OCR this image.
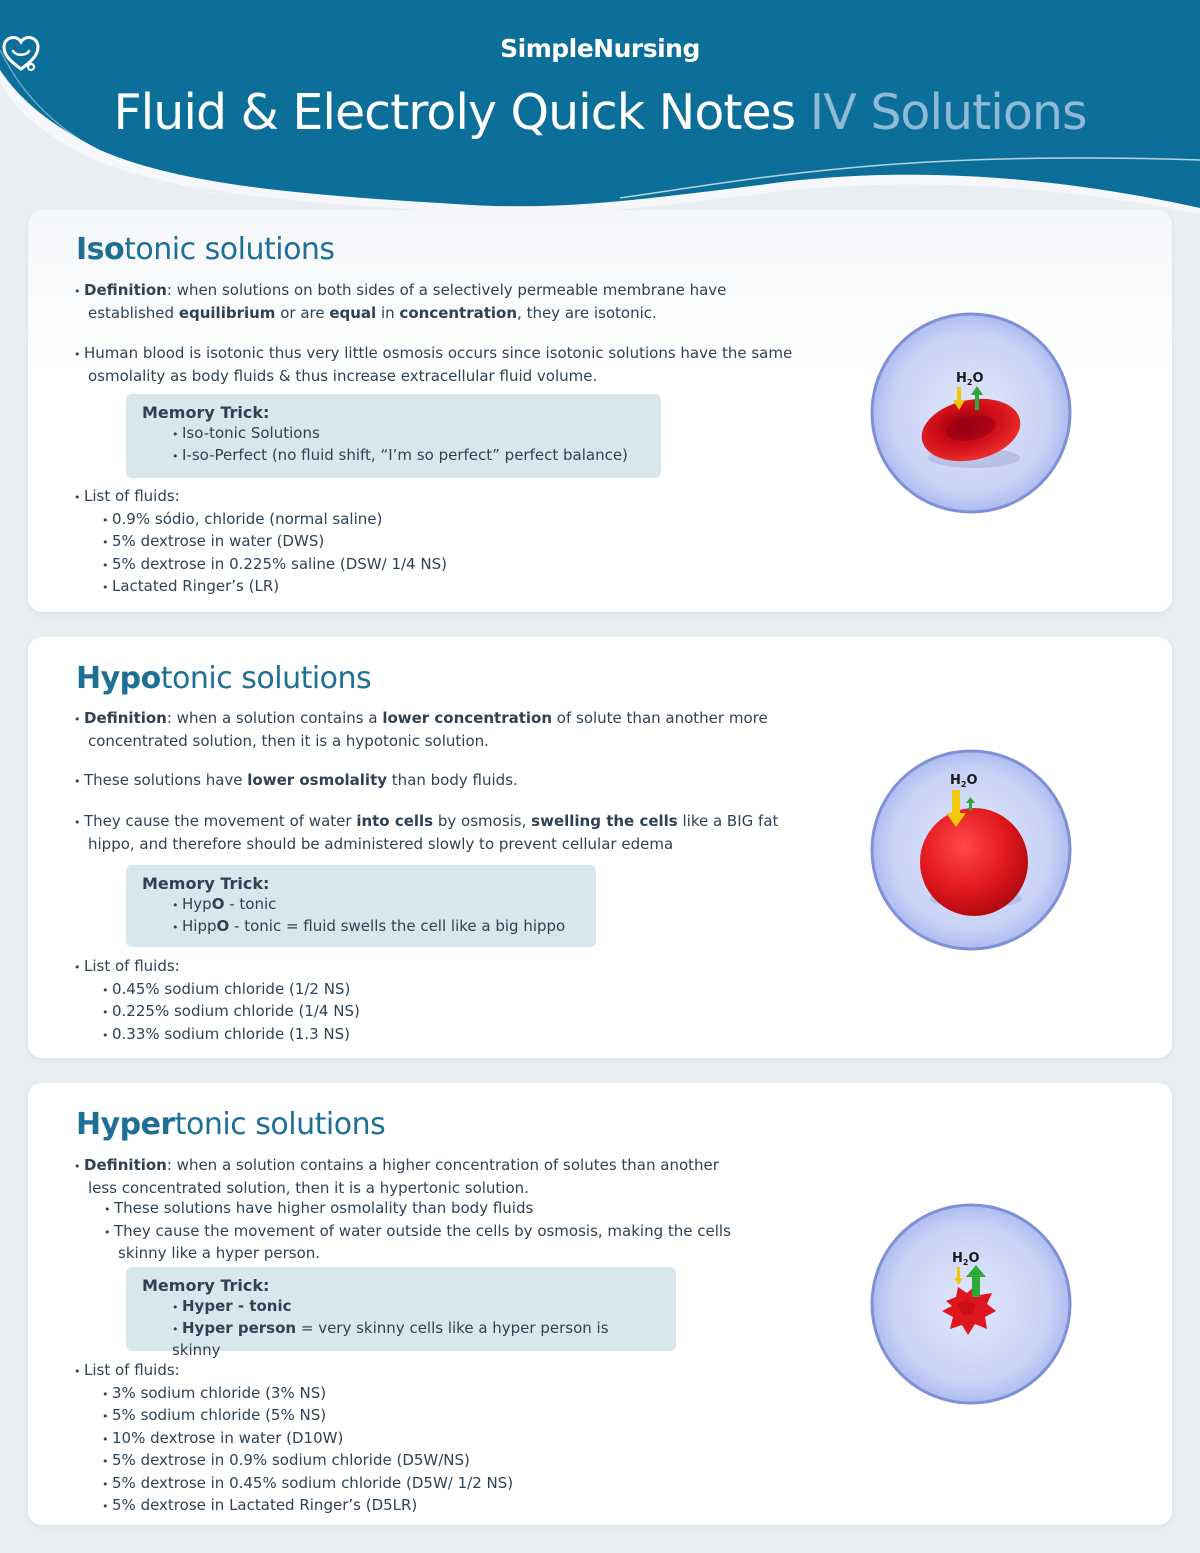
SimpleNursing
Fluid & Electroly Quick Notes IV Solutions
Isotonic solutions
• Definition: when solutions on both sides of a selectively permeable membrane have established equilibrium or are equal in concentration, they are isotonic.
• Human blood is isotonic thus very little osmosis occurs since isotonic solutions have the same osmolality as body fluids & thus increase extracellular fluid volume.
Memory Trick:
• Iso-tonic Solutions
• I-so-Perfect (no fluid shift, “I’m so perfect” perfect balance)
• List of fluids:
• 0.9% sódio, chloride (normal saline)
• 5% dextrose in water (DWS)
• 5% dextrose in 0.225% saline (DSW/ 1/4 NS)
• Lactated Ringer’s (LR)
$H_2O$
Hypotonic solutions
• Definition: when a solution contains a lower concentration of solute than another more concentrated solution, then it is a hypotonic solution.
• These solutions have lower osmolality than body fluids.
• They cause the movement of water into cells by osmosis, swelling the cells like a BIG fat hippo, and therefore should be administered slowly to prevent cellular edema
Memory Trick:
• HypO - tonic
• HippO - tonic = fluid swells the cell like a big hippo
• List of fluids:
• 0.45% sodium chloride (1/2 NS)
• 0.225% sodium chloride (1/4 NS)
• 0.33% sodium chloride (1.3 NS)
$H_2O$
Hypertonic solutions
• Definition: when a solution contains a higher concentration of solutes than another less concentrated solution, then it is a hypertonic solution.
• These solutions have higher osmolality than body fluids
• They cause the movement of water outside the cells by osmosis, making the cells skinny like a hyper person.
Memory Trick:
• Hyper - tonic
• Hyper person = very skinny cells like a hyper person is skinny
• List of fluids:
• 3% sodium chloride (3% NS)
• 5% sodium chloride (5% NS)
• 10% dextrose in water (D10W)
• 5% dextrose in 0.9% sodium chloride (D5W/NS)
• 5% dextrose in 0.45% sodium chloride (D5W/ 1/2 NS)
• 5% dextrose in Lactated Ringer’s (D5LR)
$H_2O$
